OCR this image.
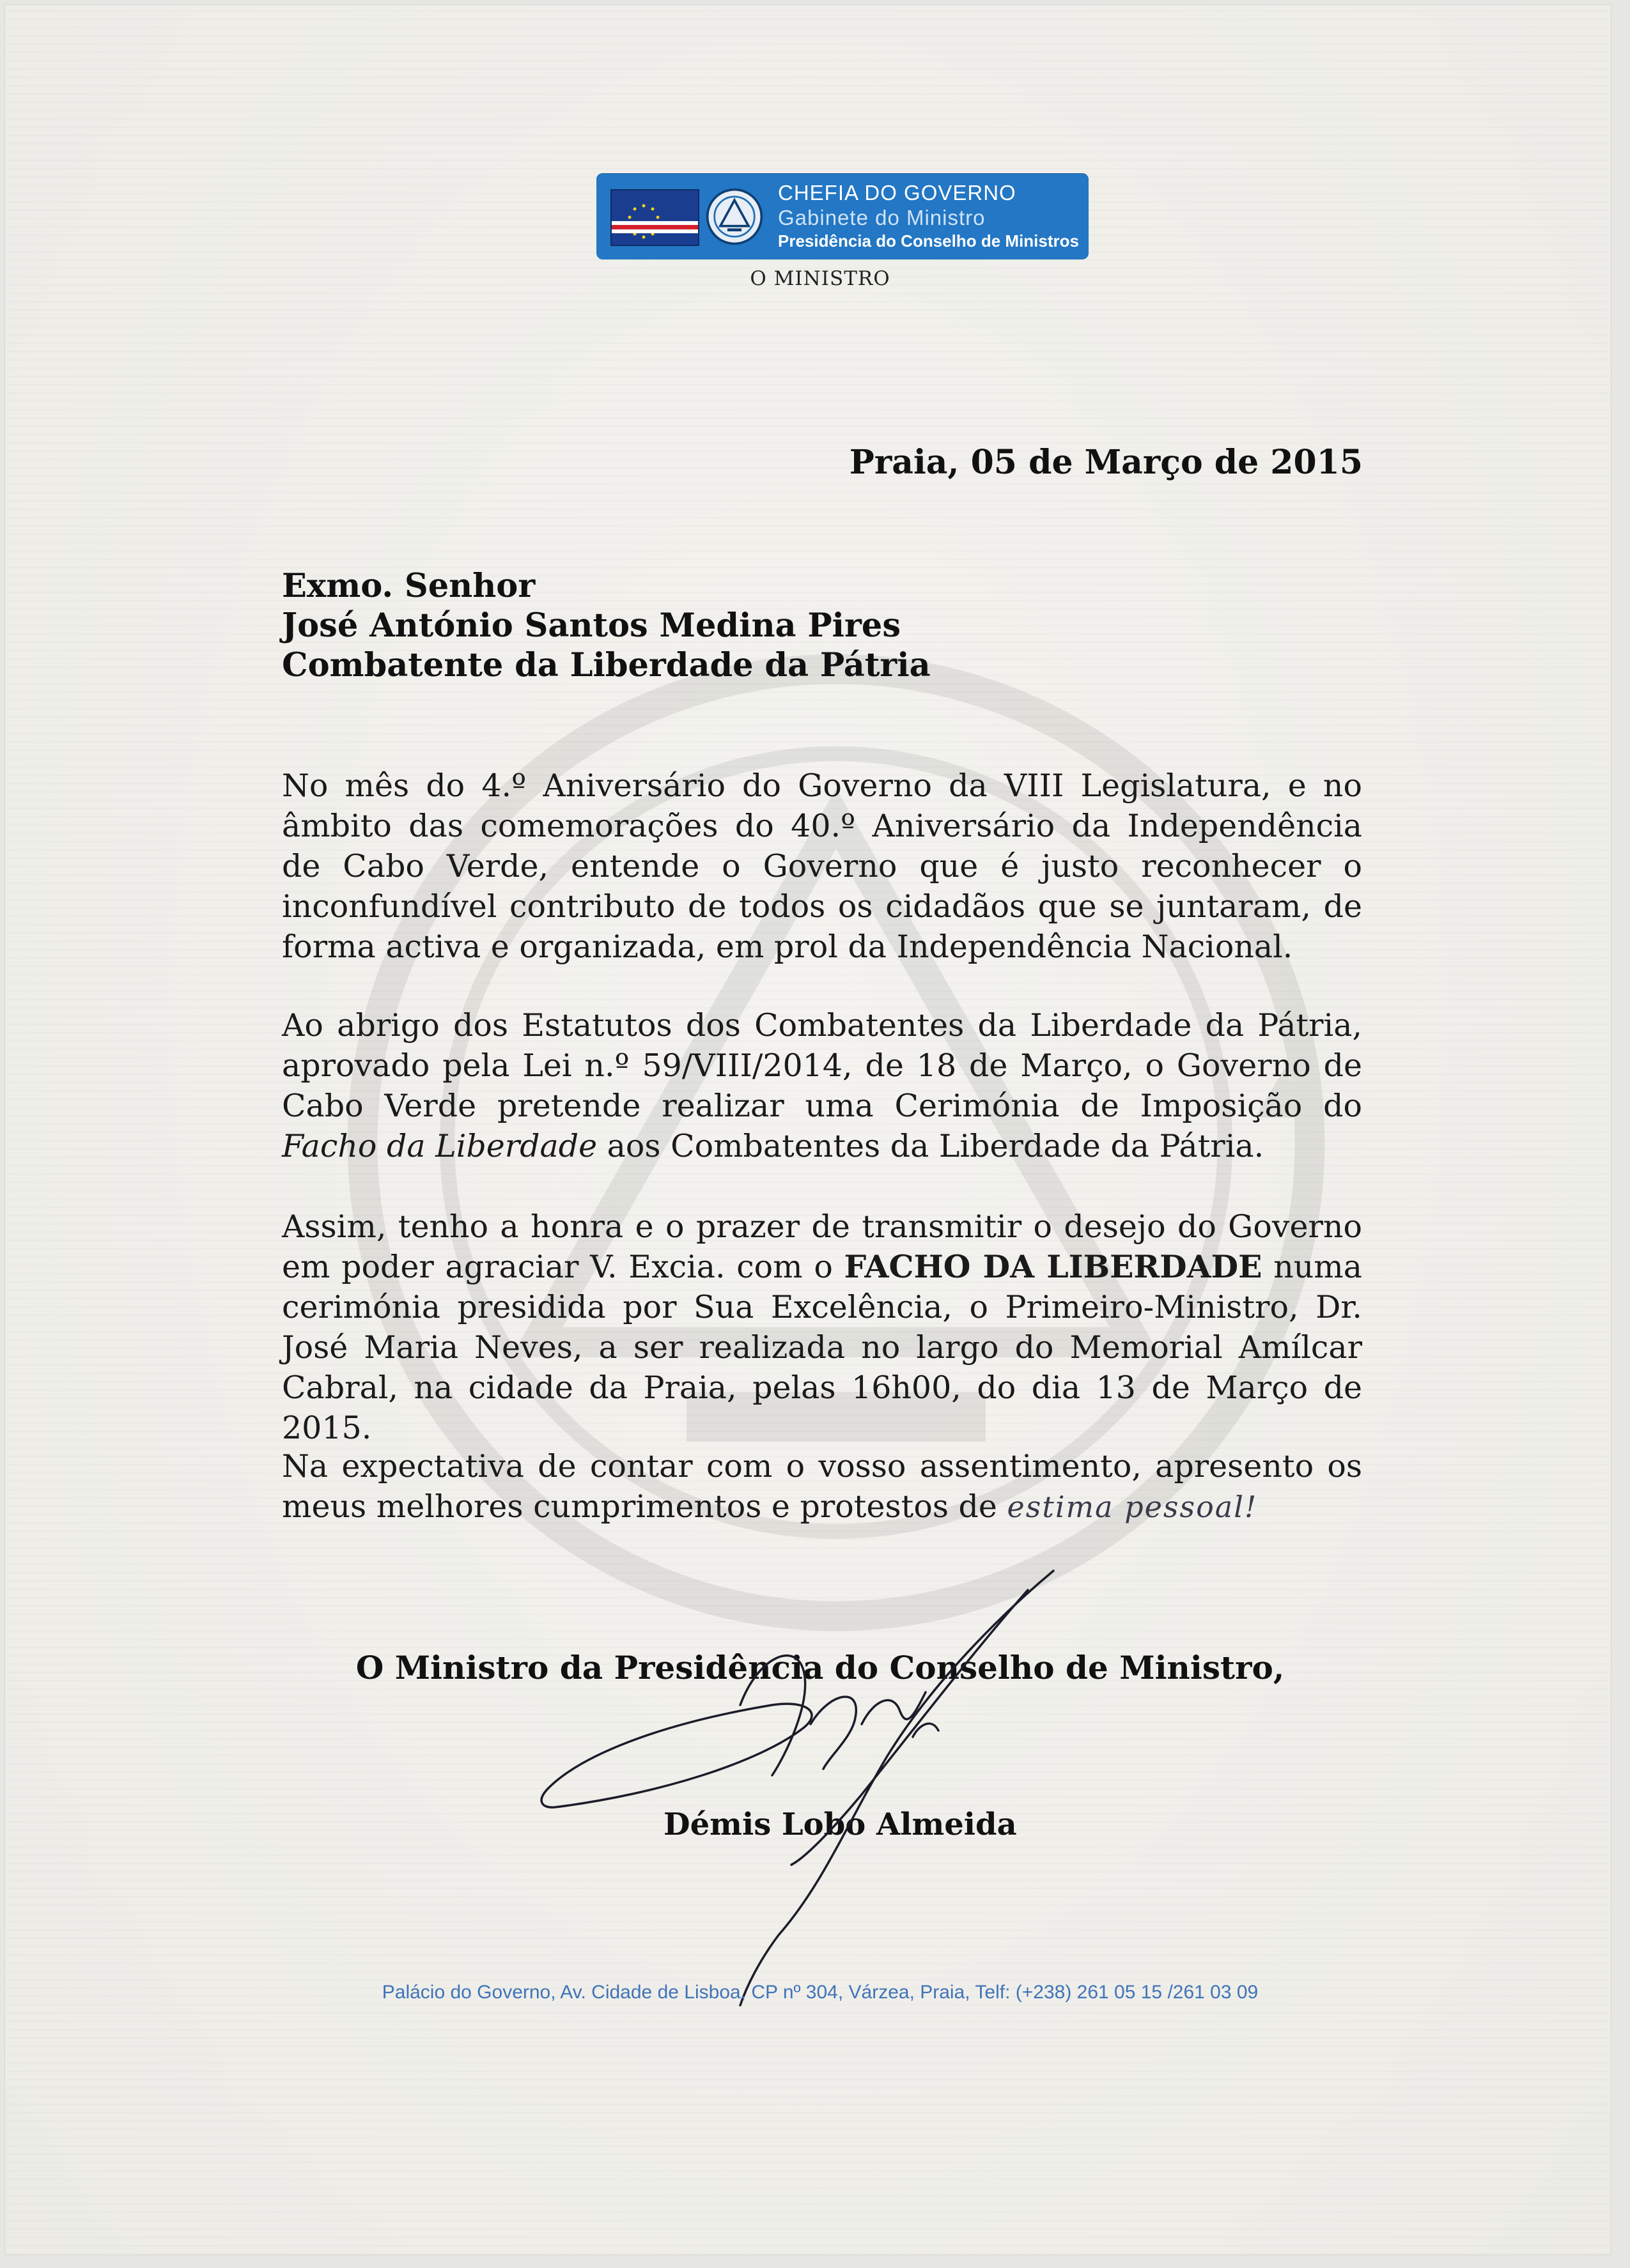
CHEFIA DO GOVERNO
Gabinete do Ministro
Presidência do Conselho de Ministros
O MINISTRO
Praia, 05 de Março de 2015
Exmo. Senhor
José António Santos Medina Pires
Combatente da Liberdade da Pátria
No mês do 4.º Aniversário do Governo da VIII Legislatura, e no âmbito das comemorações do 40.º Aniversário da Independência de Cabo Verde, entende o Governo que é justo reconhecer o inconfundível contributo de todos os cidadãos que se juntaram, de forma activa e organizada, em prol da Independência Nacional.
Ao abrigo dos Estatutos dos Combatentes da Liberdade da Pátria, aprovado pela Lei n.º 59/VIII/2014, de 18 de Março, o Governo de Cabo Verde pretende realizar uma Cerimónia de Imposição do Facho da Liberdade aos Combatentes da Liberdade da Pátria.
Assim, tenho a honra e o prazer de transmitir o desejo do Governo em poder agraciar V. Excia. com o FACHO DA LIBERDADE numa cerimónia presidida por Sua Excelência, o Primeiro-Ministro, Dr. José Maria Neves, a ser realizada no largo do Memorial Amílcar Cabral, na cidade da Praia, pelas 16h00, do dia 13 de Março de 2015.
Na expectativa de contar com o vosso assentimento, apresento os meus melhores cumprimentos e protestos de estima pessoal!
O Ministro da Presidência do Conselho de Ministro,
Démis Lobo Almeida
Palácio do Governo, Av. Cidade de Lisboa, CP nº 304, Várzea, Praia, Telf: (+238) 261 05 15 /261 03 09
